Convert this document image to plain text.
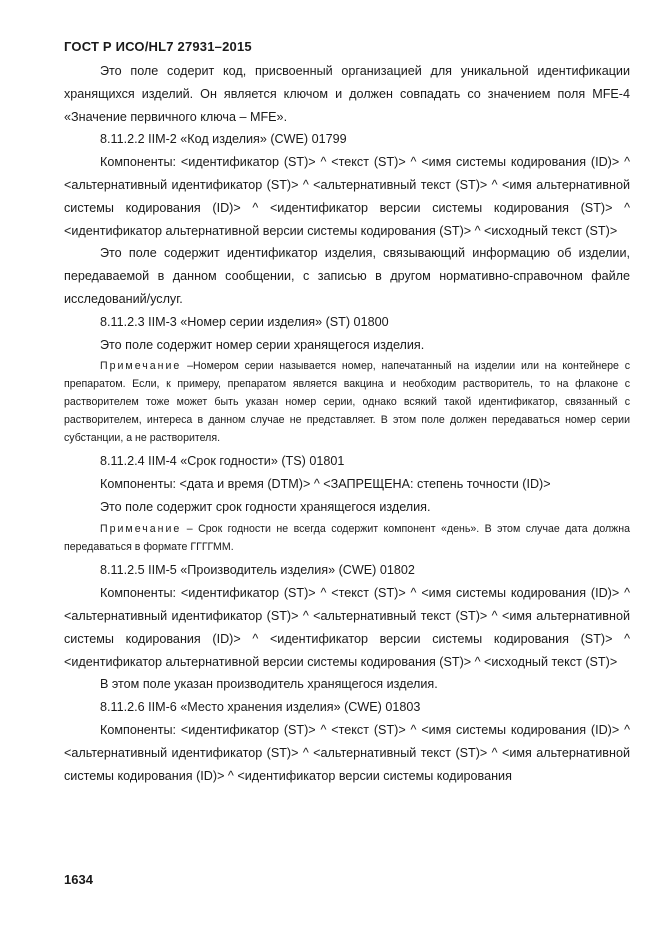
ГОСТ Р ИСО/HL7 27931–2015

Это поле содерит код, присвоенный организацией для уникальной идентификации хранящихся изделий. Он является ключом и должен совпадать со значением поля MFE-4 «Значение первичного ключа – MFE».

8.11.2.2 IIM-2 «Код изделия» (CWE) 01799

Компоненты: <идентификатор (ST)> ^ <текст (ST)> ^ <имя системы кодирования (ID)> ^ <альтернативный идентификатор (ST)> ^ <альтернативный текст (ST)> ^ <имя альтернативной системы кодирования (ID)> ^ <идентификатор версии системы кодирования (ST)> ^ <идентификатор альтернативной версии системы кодирования (ST)> ^ <исходный текст (ST)>

Это поле содержит идентификатор изделия, связывающий информацию об изделии, передаваемой в данном сообщении, с записью в другом нормативно-справочном файле исследований/услуг.

8.11.2.3 IIM-3 «Номер серии изделия» (ST) 01800

Это поле содержит номер серии хранящегося изделия.

Примечание –Номером серии называется номер, напечатанный на изделии или на контейнере с препаратом. Если, к примеру, препаратом является вакцина и необходим растворитель, то на флаконе с растворителем тоже может быть указан номер серии, однако всякий такой идентификатор, связанный с растворителем, интереса в данном случае не представляет. В этом поле должен передаваться номер серии субстанции, а не растворителя.

8.11.2.4 IIM-4 «Срок годности» (TS) 01801

Компоненты: <дата и время (DTM)> ^ <ЗАПРЕЩЕНА: степень точности (ID)>

Это поле содержит срок годности хранящегося изделия.

Примечание – Срок годности не всегда содержит компонент «день». В этом случае дата должна передаваться в формате ГГГГММ.

8.11.2.5 IIM-5 «Производитель изделия» (CWE) 01802

Компоненты: <идентификатор (ST)> ^ <текст (ST)> ^ <имя системы кодирования (ID)> ^ <альтернативный идентификатор (ST)> ^ <альтернативный текст (ST)> ^ <имя альтернативной системы кодирования (ID)> ^ <идентификатор версии системы кодирования (ST)> ^ <идентификатор альтернативной версии системы кодирования (ST)> ^ <исходный текст (ST)>

В этом поле указан производитель хранящегося изделия.

8.11.2.6 IIM-6 «Место хранения изделия» (CWE) 01803

Компоненты: <идентификатор (ST)> ^ <текст (ST)> ^ <имя системы кодирования (ID)> ^ <альтернативный идентификатор (ST)> ^ <альтернативный текст (ST)> ^ <имя альтернативной системы кодирования (ID)> ^ <идентификатор версии системы кодирования

1634
